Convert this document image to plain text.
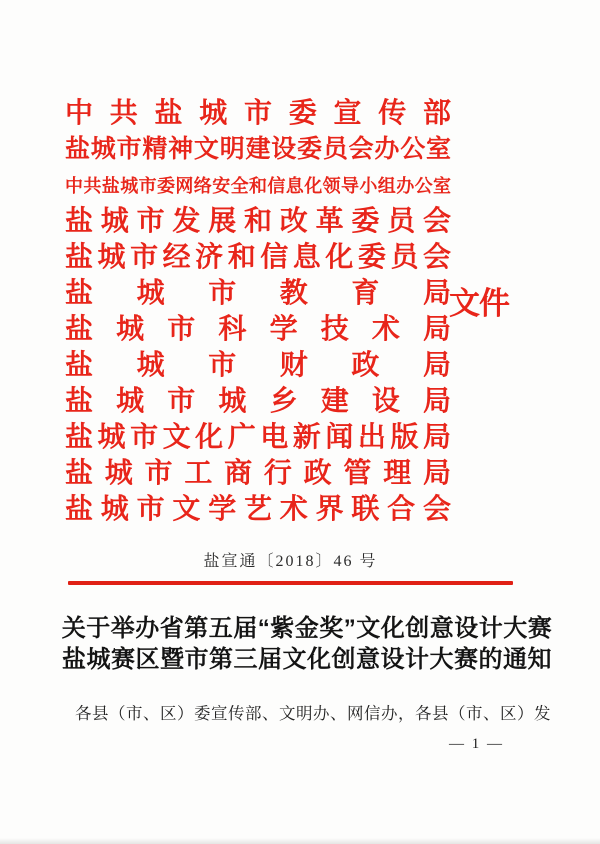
中共盐城市委宣传部
盐城市精神文明建设委员会办公室
中共盐城市委网络安全和信息化领导小组办公室
盐城市发展和改革委员会
盐城市经济和信息化委员会
盐城市教育局
盐城市科学技术局
盐城市财政局
盐城市城乡建设局
盐城市文化广电新闻出版局
盐城市工商行政管理局
盐城市文学艺术界联合会
文件
盐宣通〔2018〕46 号
关于举办省第五届“紫金奖”文化创意设计大赛
盐城赛区暨市第三届文化创意设计大赛的通知
各县（市、区）委宣传部、文明办、网信办，各县（市、区）发
— 1 —
